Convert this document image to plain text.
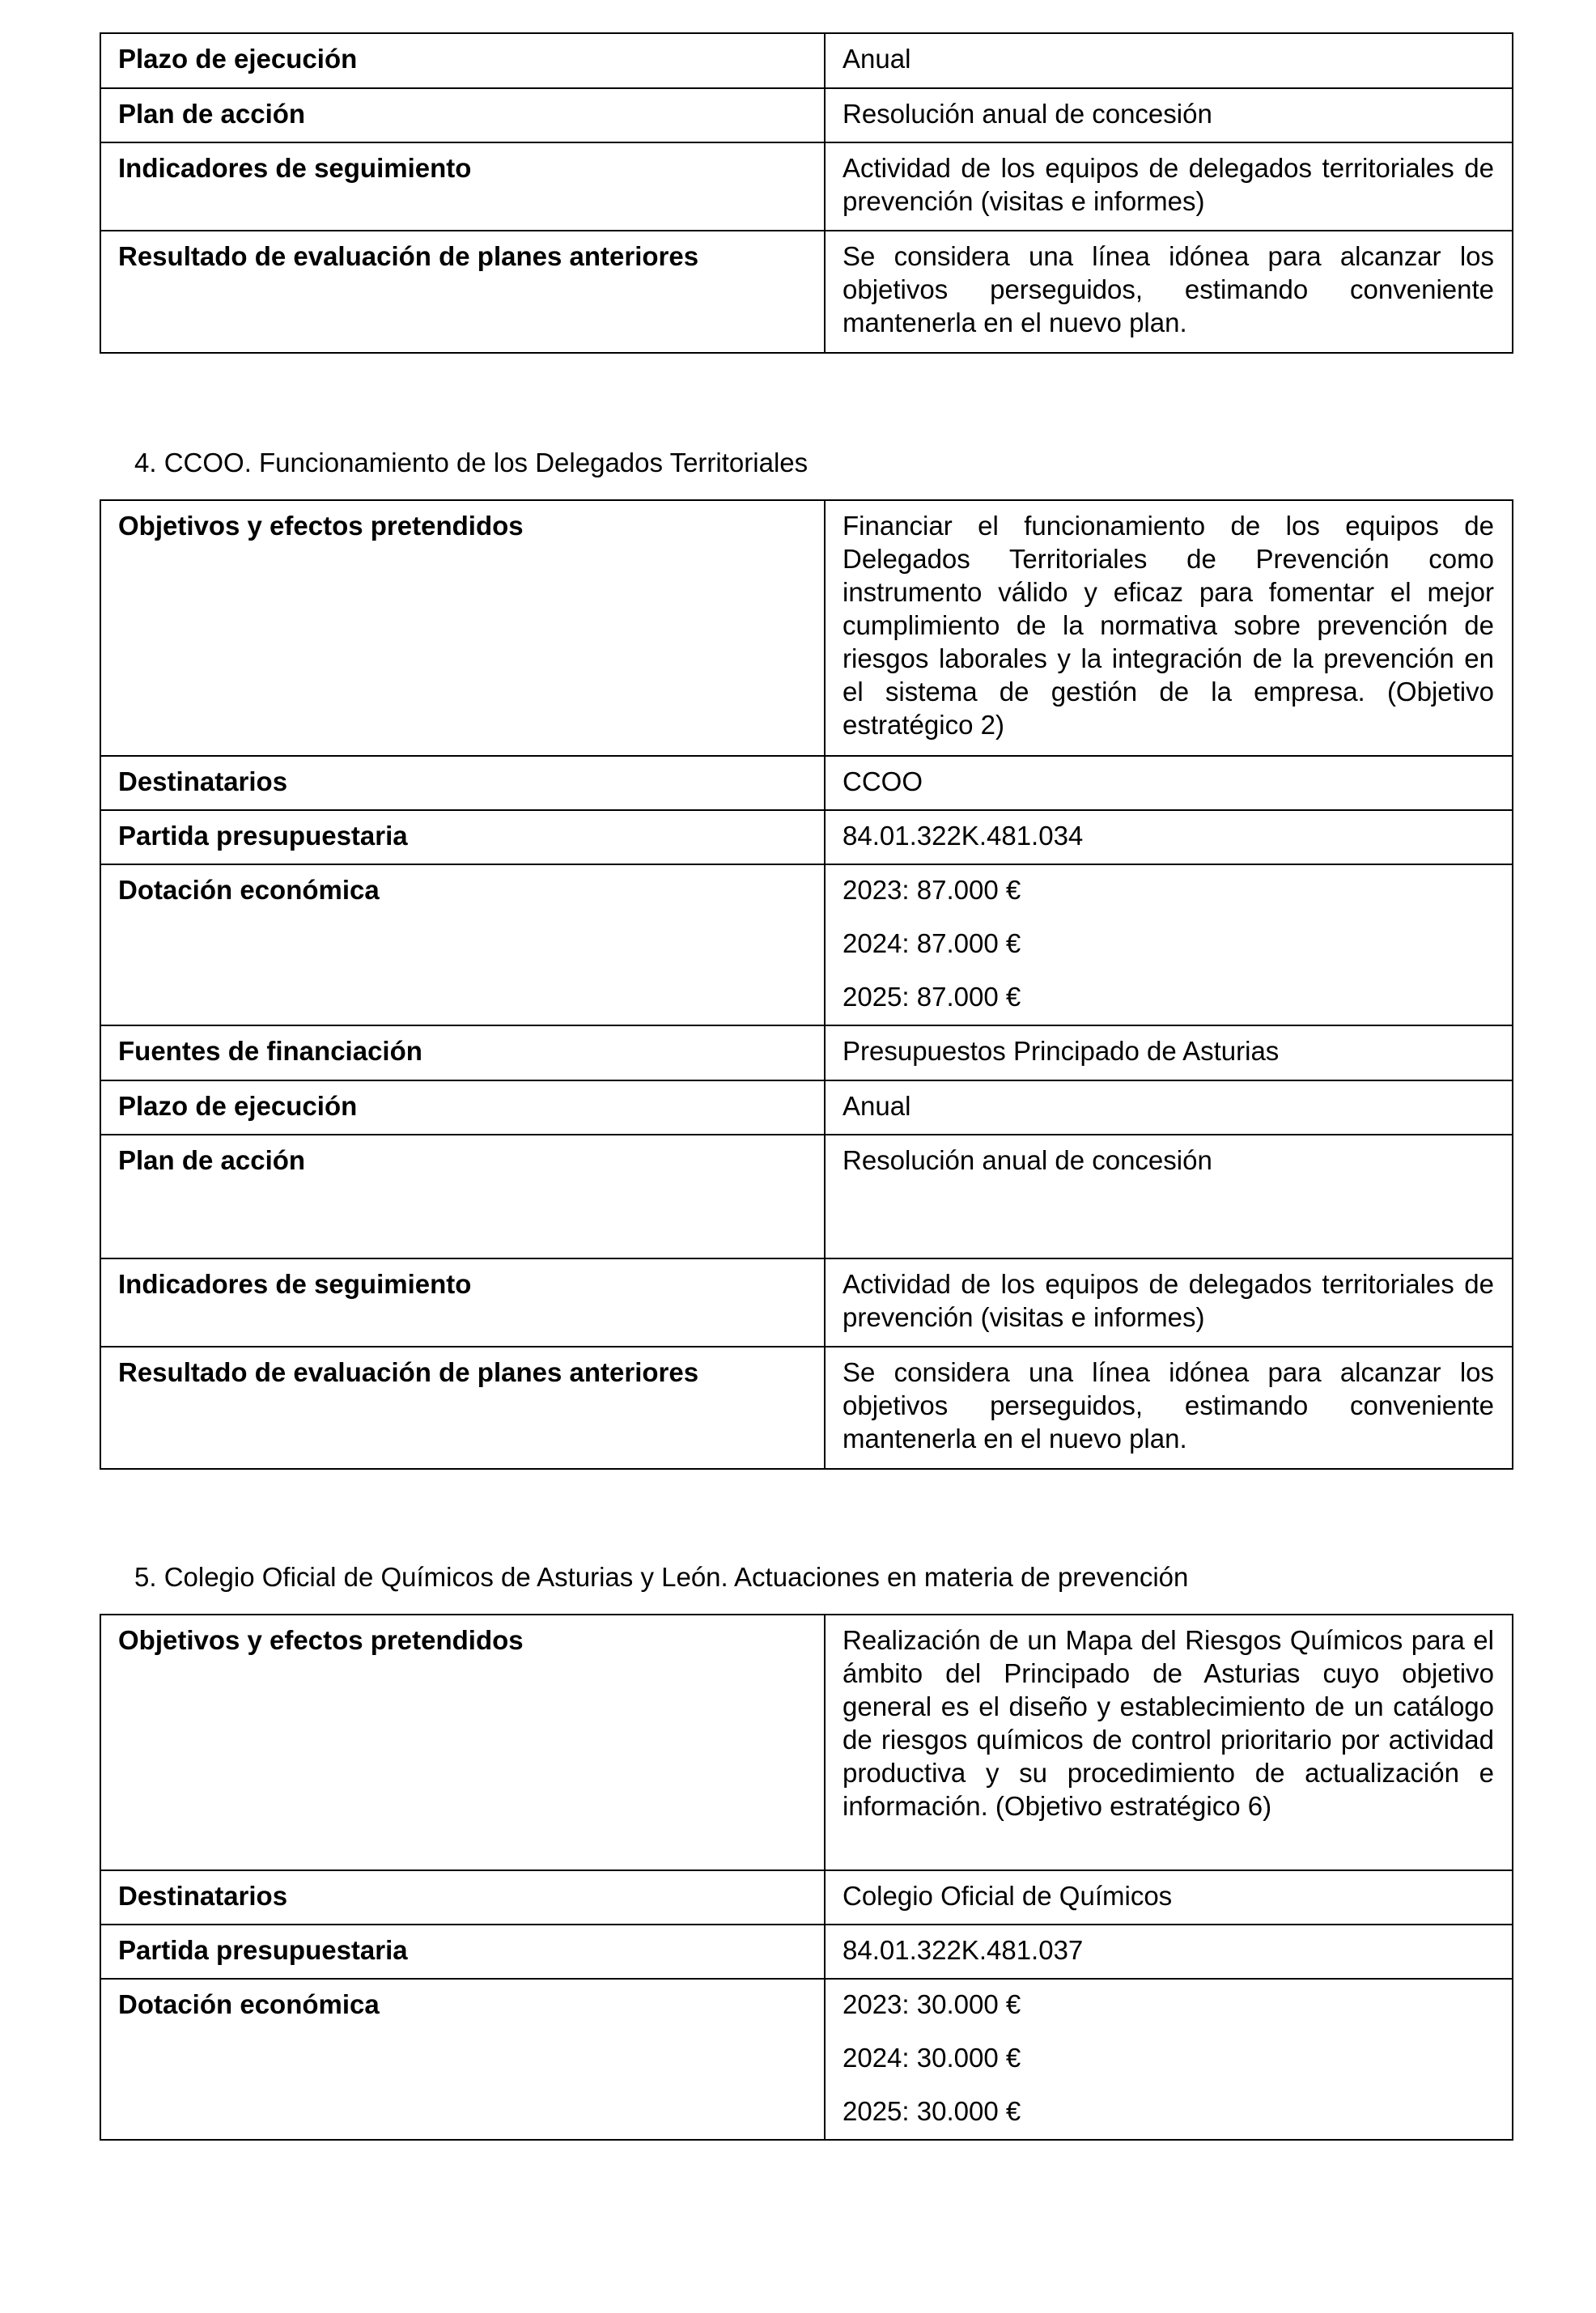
Plazo de ejecución	Anual
Plan de acción	Resolución anual de concesión
Indicadores de seguimiento	Actividad de los equipos de delegados territoriales de prevención (visitas e informes)
Resultado de evaluación de planes anteriores	Se considera una línea idónea para alcanzar los objetivos perseguidos, estimando conveniente mantenerla en el nuevo plan.
4. CCOO. Funcionamiento de los Delegados Territoriales
Objetivos y efectos pretendidos	Financiar el funcionamiento de los equipos de Delegados Territoriales de Prevención como instrumento válido y eficaz para fomentar el mejor cumplimiento de la normativa sobre prevención de riesgos laborales y la integración de la prevención en el sistema de gestión de la empresa. (Objetivo estratégico 2)
Destinatarios	CCOO
Partida presupuestaria	84.01.322K.481.034
Dotación económica	2023: 87.000 €
2024: 87.000 €
2025: 87.000 €

Fuentes de financiación	Presupuestos Principado de Asturias
Plazo de ejecución	Anual
Plan de acción	Resolución anual de concesión
Indicadores de seguimiento	Actividad de los equipos de delegados territoriales de prevención (visitas e informes)
Resultado de evaluación de planes anteriores	Se considera una línea idónea para alcanzar los objetivos perseguidos, estimando conveniente mantenerla en el nuevo plan.
5. Colegio Oficial de Químicos de Asturias y León. Actuaciones en materia de prevención
Objetivos y efectos pretendidos	Realización de un Mapa del Riesgos Químicos para el ámbito del Principado de Asturias cuyo objetivo general es el diseño y establecimiento de un catálogo de riesgos químicos de control prioritario por actividad productiva y su procedimiento de actualización e información. (Objetivo estratégico 6)
Destinatarios	Colegio Oficial de Químicos
Partida presupuestaria	84.01.322K.481.037
Dotación económica	2023: 30.000 €
2024: 30.000 €
2025: 30.000 €
